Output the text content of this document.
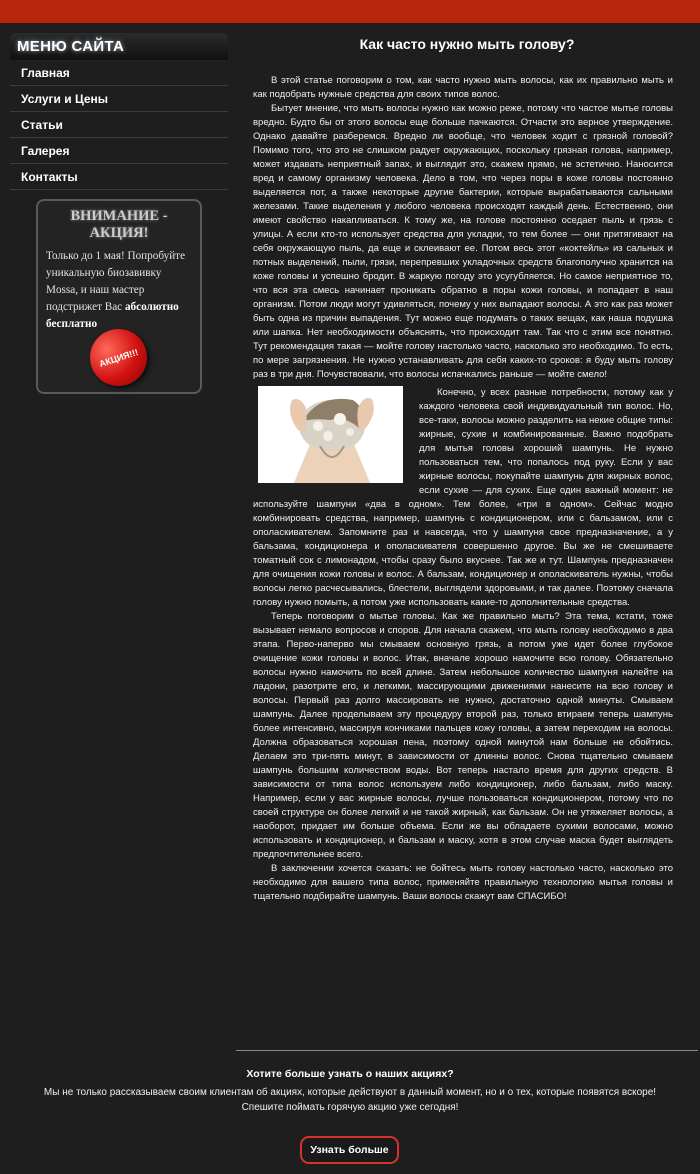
МЕНЮ САЙТА
Главная
Услуги и Цены
Статьи
Галерея
Контакты
ВНИМАНИЕ - АКЦИЯ!
Только до 1 мая! Попробуйте уникальную биозавивку Mossa, и наш мастер подстрижет Вас абсолютно бесплатно
АКЦИЯ!!!
Как часто нужно мыть голову?

В этой статье поговорим о том, как часто нужно мыть волосы, как их правильно мыть и как подобрать нужные средства для своих типов волос.

Бытует мнение, что мыть волосы нужно как можно реже, потому что частое мытье головы вредно. Будто бы от этого волосы еще больше пачкаются. Отчасти это верное утверждение. Однако давайте разберемся. Вредно ли вообще, что человек ходит с грязной головой? Помимо того, что это не слишком радует окружающих, поскольку грязная голова, например, может издавать неприятный запах, и выглядит это, скажем прямо, не эстетично. Наносится вред и самому организму человека. Дело в том, что через поры в коже головы постоянно выделяется пот, а также некоторые другие бактерии, которые вырабатываются сальными железами. Такие выделения у любого человека происходят каждый день. Естественно, они имеют свойство накапливаться. К тому же, на голове постоянно оседает пыль и грязь с улицы. А если кто-то использует средства для укладки, то тем более — они притягивают на себя окружающую пыль, да еще и склеивают ее. Потом весь этот «коктейль» из сальных и потных выделений, пыли, грязи, перепревших укладочных средств благополучно хранится на коже головы и успешно бродит. В жаркую погоду это усугубляется. Но самое неприятное то, что вся эта смесь начинает проникать обратно в поры кожи головы, и попадает в наш организм. Потом люди могут удивляться, почему у них выпадают волосы. А это как раз может быть одна из причин выпадения. Тут можно еще подумать о таких вещах, как наша подушка или шапка. Нет необходимости объяснять, что происходит там. Так что с этим все понятно. Тут рекомендация такая — мойте голову настолько часто, насколько это необходимо. То есть, по мере загрязнения. Не нужно устанавливать для себя каких-то сроков: я буду мыть голову раз в три дня. Почувствовали, что волосы испачкались раньше — мойте смело!

Конечно, у всех разные потребности, потому как у каждого человека свой индивидуальный тип волос. Но, все-таки, волосы можно разделить на некие общие типы: жирные, сухие и комбинированные. Важно подобрать для мытья головы хороший шампунь. Не нужно пользоваться тем, что попалось под руку. Если у вас жирные волосы, покупайте шампунь для жирных волос, если сухие — для сухих. Еще один важный момент: не используйте шампуни «два в одном». Тем более, «три в одном». Сейчас модно комбинировать средства, например, шампунь с кондиционером, или с бальзамом, или с ополаскивателем. Запомните раз и навсегда, что у шампуня свое предназначение, а у бальзама, кондиционера и ополаскивателя совершенно другое. Вы же не смешиваете томатный сок с лимонадом, чтобы сразу было вкуснее. Так же и тут. Шампунь предназначен для очищения кожи головы и волос. А бальзам, кондиционер и ополаскиватель нужны, чтобы волосы легко расчесывались, блестели, выглядели здоровыми, и так далее. Поэтому сначала голову нужно помыть, а потом уже использовать какие-то дополнительные средства.

Теперь поговорим о мытье головы. Как же правильно мыть? Эта тема, кстати, тоже вызывает немало вопросов и споров. Для начала скажем, что мыть голову необходимо в два этапа. Перво-наперво мы смываем основную грязь, а потом уже идет более глубокое очищение кожи головы и волос. Итак, вначале хорошо намочите всю голову. Обязательно волосы нужно намочить по всей длине. Затем небольшое количество шампуня налейте на ладони, разотрите его, и легкими, массирующими движениями нанесите на всю голову и волосы. Первый раз долго массировать не нужно, достаточно одной минуты. Смываем шампунь. Далее проделываем эту процедуру второй раз, только втираем теперь шампунь более интенсивно, массируя кончиками пальцев кожу головы, а затем переходим на волосы. Должна образоваться хорошая пена, поэтому одной минутой нам больше не обойтись. Делаем это три-пять минут, в зависимости от длинны волос. Снова тщательно смываем шампунь большим количеством воды. Вот теперь настало время для других средств. В зависимости от типа волос используем либо кондиционер, либо бальзам, либо маску. Например, если у вас жирные волосы, лучше пользоваться кондиционером, потому что по своей структуре он более легкий и не такой жирный, как бальзам. Он не утяжеляет волосы, а наоборот, придает им больше объема. Если же вы обладаете сухими волосами, можно использовать и кондиционер, и бальзам и маску, хотя в этом случае маска будет выглядеть предпочтительнее всего.

В заключении хочется сказать: не бойтесь мыть голову настолько часто, насколько это необходимо для вашего типа волос, применяйте правильную технологию мытья головы и тщательно подбирайте шампунь. Ваши волосы скажут вам СПАСИБО!

Хотите больше узнать о наших акциях?
Мы не только рассказываем своим клиентам об акциях, которые действуют в данный момент, но и о тех, которые появятся вскоре!
Спешите поймать горячую акцию уже сегодня!
Узнать больше
